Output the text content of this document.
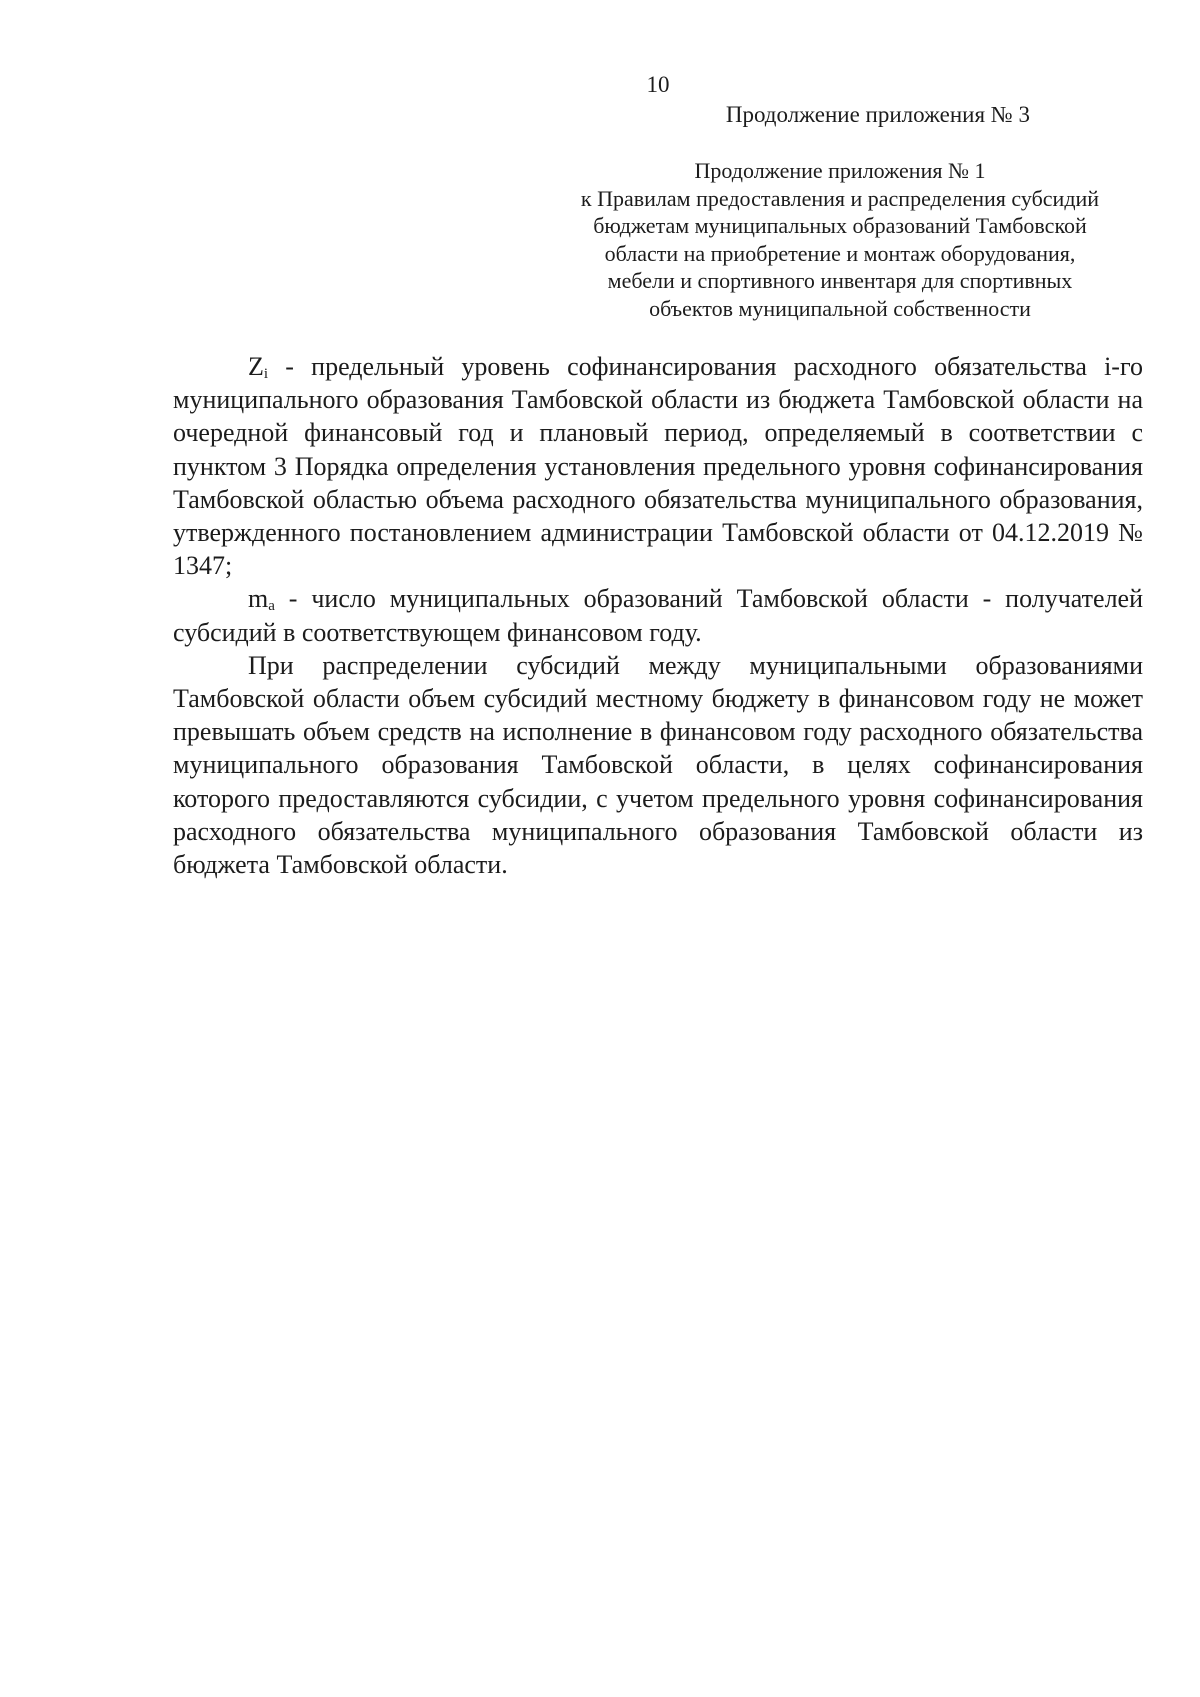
10
Продолжение приложения № 3
Продолжение приложения № 1
к Правилам предоставления и распределения субсидий
бюджетам муниципальных образований Тамбовской
области на приобретение и монтаж оборудования,
мебели и спортивного инвентаря для спортивных
объектов муниципальной собственности

$Z_i$ - предельный уровень софинансирования расходного обязательства i-го муниципального образования Тамбовской области из бюджета Тамбовской области на очередной финансовый год и плановый период, определяемый в соответствии с пунктом 3 Порядка определения установления предельного уровня софинансирования Тамбовской областью объема расходного обязательства муниципального образования, утвержденного постановлением администрации Тамбовской области от 04.12.2019 № 1347;

$m_a$ - число муниципальных образований Тамбовской области - получателей субсидий в соответствующем финансовом году.

При распределении субсидий между муниципальными образованиями Тамбовской области объем субсидий местному бюджету в финансовом году не может превышать объем средств на исполнение в финансовом году расходного обязательства муниципального образования Тамбовской области, в целях софинансирования которого предоставляются субсидии, с учетом предельного уровня софинансирования расходного обязательства муниципального образования Тамбовской области из бюджета Тамбовской области.
